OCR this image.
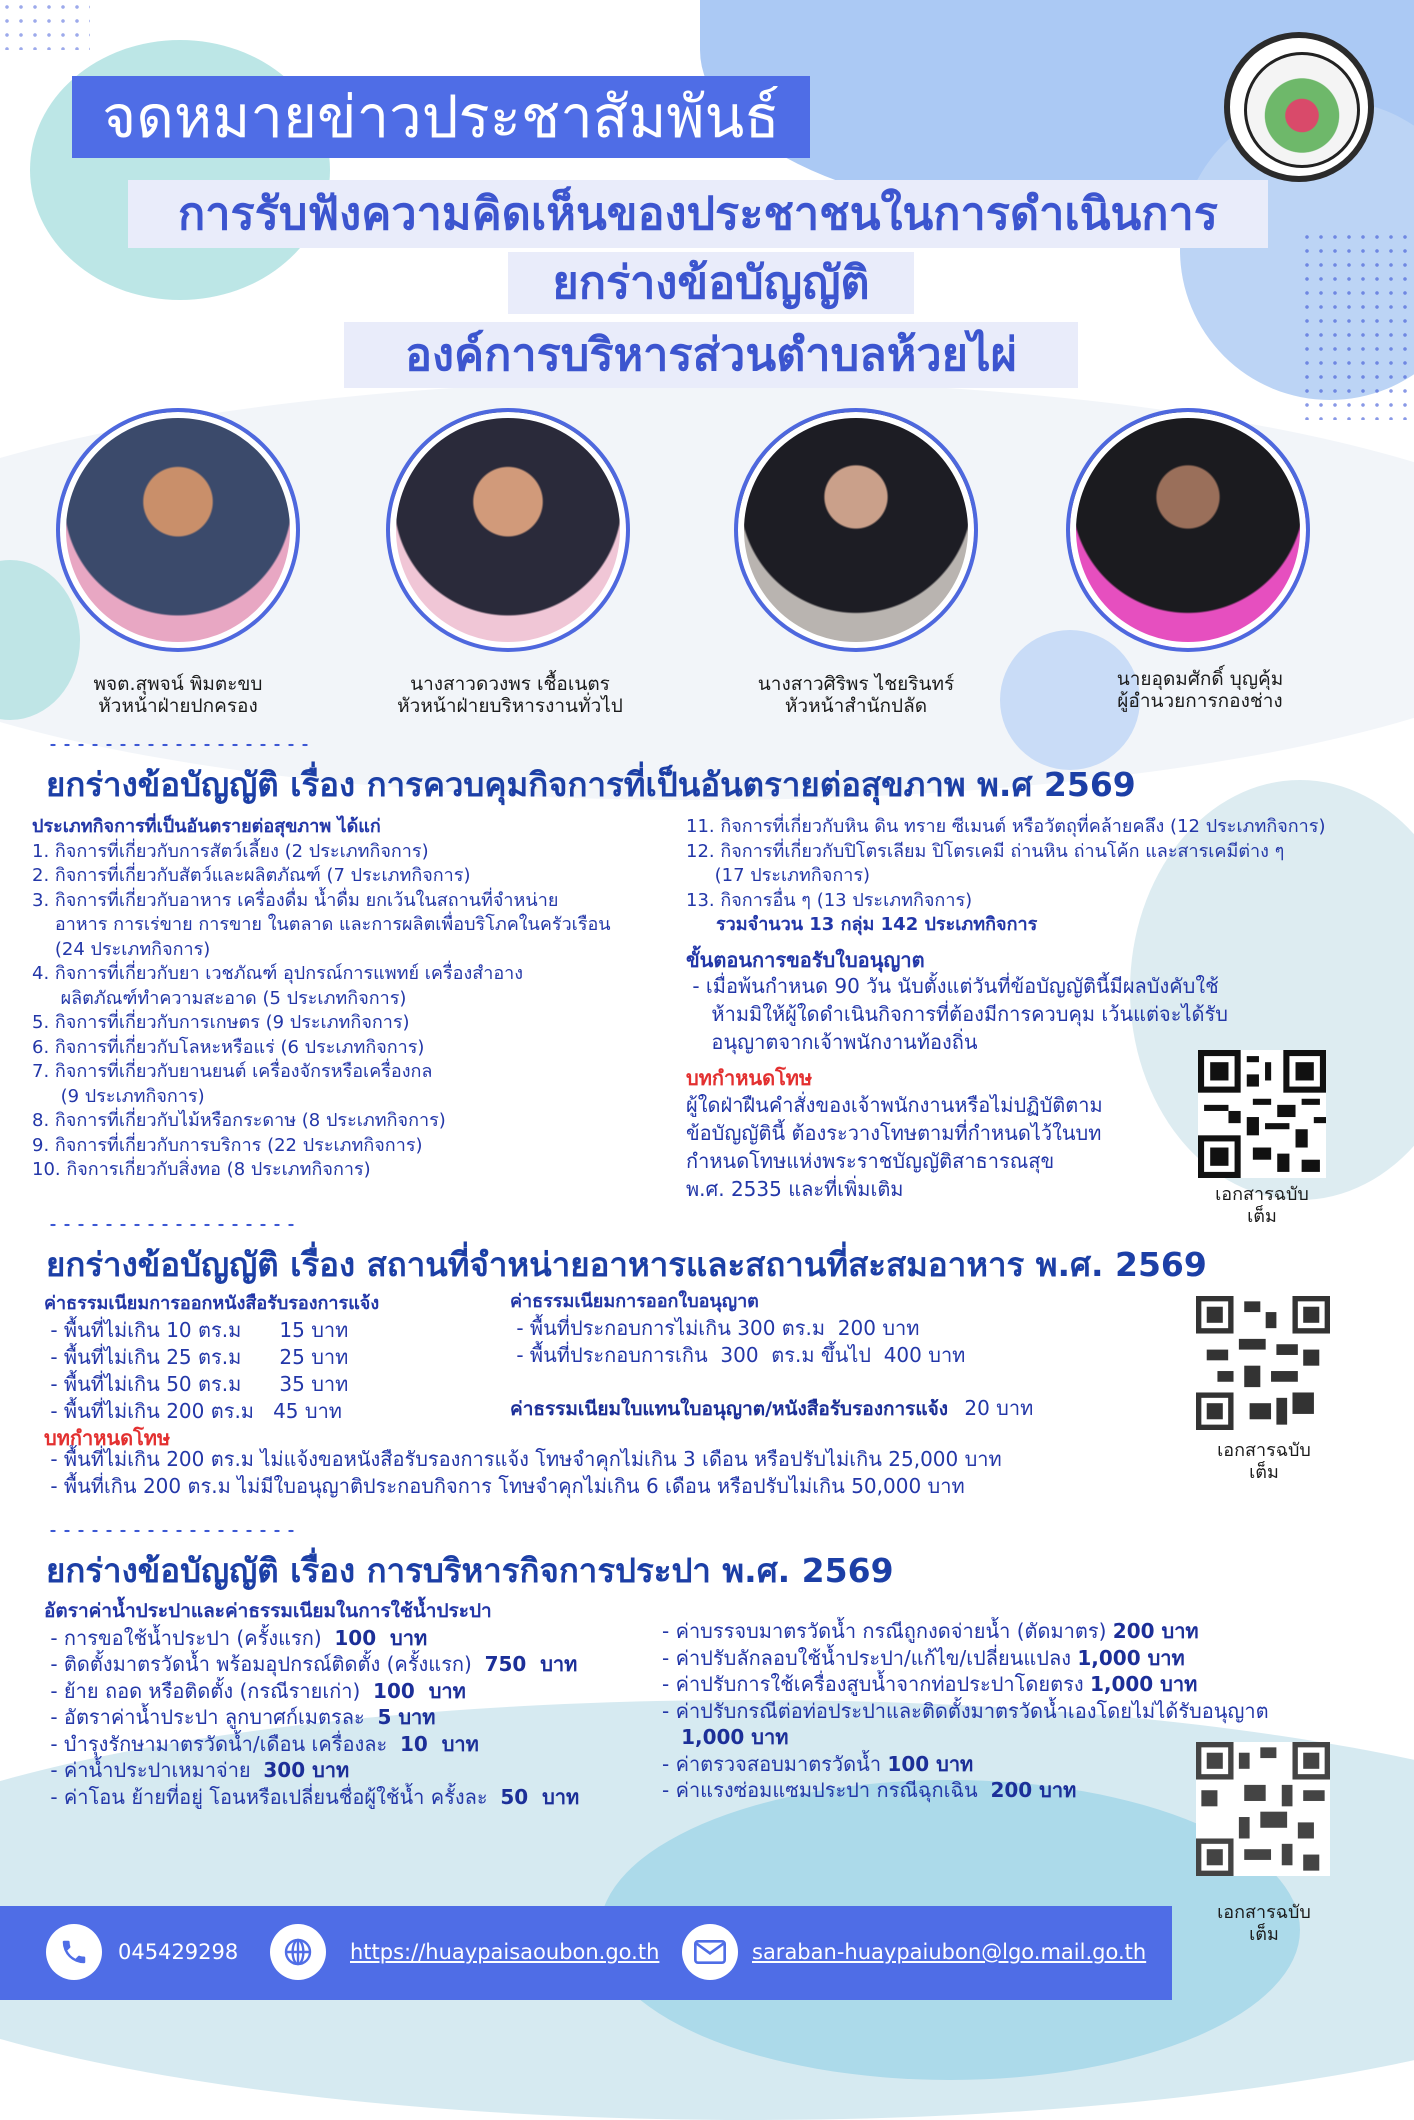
จดหมายข่าวประชาสัมพันธ์
การรับฟังความคิดเห็นของประชาชนในการดำเนินการ
ยกร่างข้อบัญญัติ
องค์การบริหารส่วนตำบลห้วยไผ่
พจต.สุพจน์ พิมตะขบ
หัวหน้าฝ่ายปกครอง
นางสาวดวงพร เชื้อเนตร
หัวหน้าฝ่ายบริหารงานทั่วไป
นางสาวศิริพร ไชยรินทร์
หัวหน้าสำนักปลัด
นายอุดมศักดิ์ บุญคุ้ม
ผู้อำนวยการกองช่าง
ยกร่างข้อบัญญัติ เรื่อง การควบคุมกิจการที่เป็นอันตรายต่อสุขภาพ พ.ศ 2569
ประเภทกิจการที่เป็นอันตรายต่อสุขภาพ ได้แก่
1. กิจการที่เกี่ยวกับการสัตว์เลี้ยง (2 ประเภทกิจการ)
2. กิจการที่เกี่ยวกับสัตว์และผลิตภัณฑ์ (7 ประเภทกิจการ)
3. กิจการที่เกี่ยวกับอาหาร เครื่องดื่ม น้ำดื่ม ยกเว้นในสถานที่จำหน่าย
อาหาร การเร่ขาย การขาย ในตลาด และการผลิตเพื่อบริโภคในครัวเรือน
(24 ประเภทกิจการ)
4. กิจการที่เกี่ยวกับยา เวชภัณฑ์ อุปกรณ์การแพทย์ เครื่องสำอาง
ผลิตภัณฑ์ทำความสะอาด (5 ประเภทกิจการ)
5. กิจการที่เกี่ยวกับการเกษตร (9 ประเภทกิจการ)
6. กิจการที่เกี่ยวกับโลหะหรือแร่ (6 ประเภทกิจการ)
7. กิจการที่เกี่ยวกับยานยนต์ เครื่องจักรหรือเครื่องกล
(9 ประเภทกิจการ)
8. กิจการที่เกี่ยวกับไม้หรือกระดาษ (8 ประเภทกิจการ)
9. กิจการที่เกี่ยวกับการบริการ (22 ประเภทกิจการ)
10. กิจการเกี่ยวกับสิ่งทอ (8 ประเภทกิจการ)
11. กิจการที่เกี่ยวกับหิน ดิน ทราย ซีเมนต์ หรือวัตถุที่คล้ายคลึง (12 ประเภทกิจการ)
12. กิจการที่เกี่ยวกับปิโตรเลียม ปิโตรเคมี ถ่านหิน ถ่านโค้ก และสารเคมีต่าง ๆ
(17 ประเภทกิจการ)
13. กิจการอื่น ๆ (13 ประเภทกิจการ)
รวมจำนวน 13 กลุ่ม 142 ประเภทกิจการ
ขั้นตอนการขอรับใบอนุญาต
- เมื่อพ้นกำหนด 90 วัน นับตั้งแต่วันที่ข้อบัญญัตินี้มีผลบังคับใช้
ห้ามมิให้ผู้ใดดำเนินกิจการที่ต้องมีการควบคุม เว้นแต่จะได้รับ
อนุญาตจากเจ้าพนักงานท้องถิ่น
บทกำหนดโทษ
ผู้ใดฝ่าฝืนคำสั่งของเจ้าพนักงานหรือไม่ปฏิบัติตาม
ข้อบัญญัตินี้ ต้องระวางโทษตามที่กำหนดไว้ในบท
กำหนดโทษแห่งพระราชบัญญัติสาธารณสุข
พ.ศ. 2535 และที่เพิ่มเติม	เอกสารฉบับ
เต็ม
ยกร่างข้อบัญญัติ เรื่อง สถานที่จำหน่ายอาหารและสถานที่สะสมอาหาร พ.ศ. 2569
ค่าธรรมเนียมการออกหนังสือรับรองการแจ้ง
- พื้นที่ไม่เกิน 10 ตร.ม      15 บาท
- พื้นที่ไม่เกิน 25 ตร.ม      25 บาท
- พื้นที่ไม่เกิน 50 ตร.ม      35 บาท
- พื้นที่ไม่เกิน 200 ตร.ม   45 บาท
บทกำหนดโทษ
ค่าธรรมเนียมการออกใบอนุญาต
- พื้นที่ประกอบการไม่เกิน 300 ตร.ม  200 บาท
- พื้นที่ประกอบการเกิน  300  ตร.ม ขึ้นไป  400 บาท
ค่าธรรมเนียมใบแทนใบอนุญาต/หนังสือรับรองการแจ้ง 20 บาท
- พื้นที่ไม่เกิน 200 ตร.ม ไม่แจ้งขอหนังสือรับรองการแจ้ง โทษจำคุกไม่เกิน 3 เดือน หรือปรับไม่เกิน 25,000 บาท
- พื้นที่เกิน 200 ตร.ม ไม่มีใบอนุญาติประกอบกิจการ โทษจำคุกไม่เกิน 6 เดือน หรือปรับไม่เกิน 50,000 บาท
เอกสารฉบับ
เต็ม
ยกร่างข้อบัญญัติ เรื่อง การบริหารกิจการประปา พ.ศ. 2569
อัตราค่าน้ำประปาและค่าธรรมเนียมในการใช้น้ำประปา
- การขอใช้น้ำประปา (ครั้งแรก)  100  บาท
- ติดตั้งมาตรวัดน้ำ พร้อมอุปกรณ์ติดตั้ง (ครั้งแรก)  750  บาท
- ย้าย ถอด หรือติดตั้ง (กรณีรายเก่า)  100  บาท
- อัตราค่าน้ำประปา ลูกบาศก์เมตรละ  5 บาท
- บำรุงรักษามาตรวัดน้ำ/เดือน เครื่องละ  10  บาท
- ค่าน้ำประปาเหมาจ่าย  300 บาท
- ค่าโอน ย้ายที่อยู่ โอนหรือเปลี่ยนชื่อผู้ใช้น้ำ ครั้งละ  50  บาท
- ค่าบรรจบมาตรวัดน้ำ กรณีถูกงดจ่ายน้ำ (ตัดมาตร) 200 บาท
- ค่าปรับลักลอบใช้น้ำประปา/แก้ไข/เปลี่ยนแปลง 1,000 บาท
- ค่าปรับการใช้เครื่องสูบน้ำจากท่อประปาโดยตรง 1,000 บาท
- ค่าปรับกรณีต่อท่อประปาและติดตั้งมาตรวัดน้ำเองโดยไม่ได้รับอนุญาต
1,000 บาท
- ค่าตรวจสอบมาตรวัดน้ำ 100 บาท
- ค่าแรงซ่อมแซมประปา กรณีฉุกเฉิน  200 บาท
เอกสารฉบับ
เต็ม
045429298	https://huaypaisaoubon.go.th	saraban-huaypaiubon@lgo.mail.go.th
